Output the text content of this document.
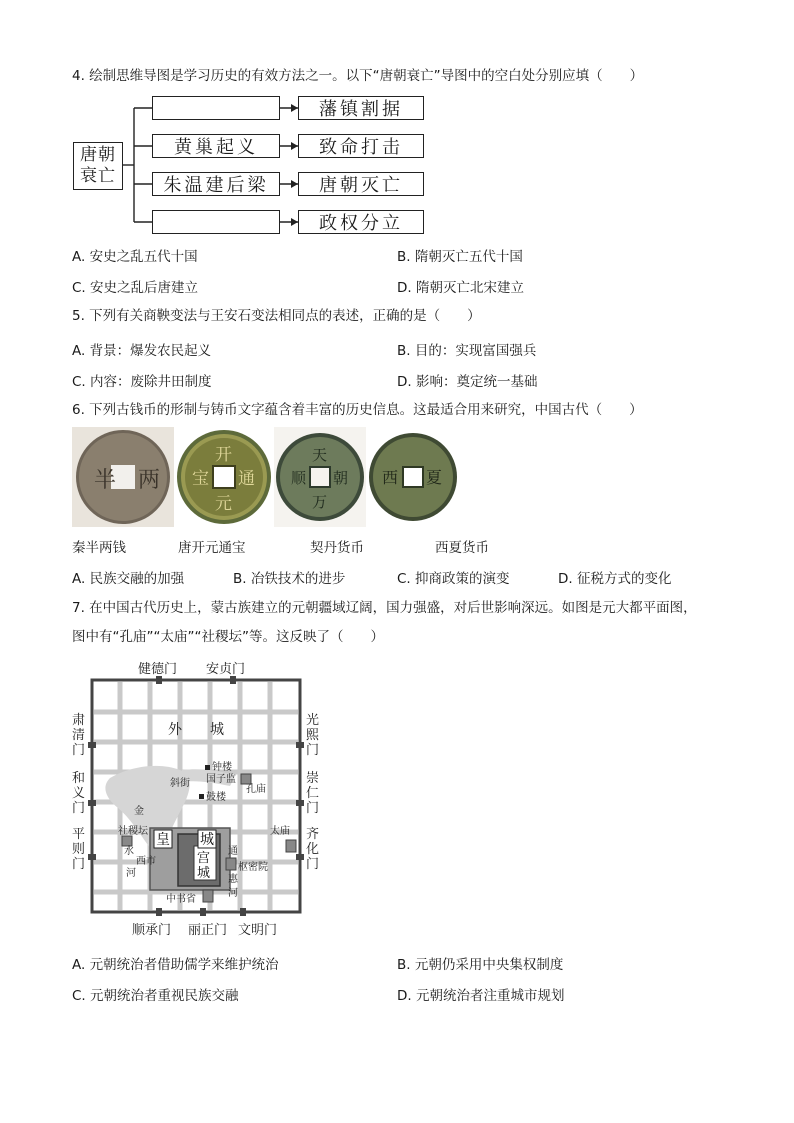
4. 绘制思维导图是学习历史的有效方法之一。以下“唐朝衰亡”导图中的空白处分别应填（　　）
唐朝
衰亡
黄巢起义
朱温建后梁
藩镇割据
致命打击
唐朝灭亡
政权分立
A. 安史之乱五代十国	B. 隋朝灭亡五代十国
C. 安史之乱后唐建立	D. 隋朝灭亡北宋建立
5. 下列有关商鞅变法与王安石变法相同点的表述，正确的是（　　）
A. 背景：爆发农民起义	B. 目的：实现富国强兵
C. 内容：废除井田制度	D. 影响：奠定统一基础
6. 下列古钱币的形制与铸币文字蕴含着丰富的历史信息。这最适合用来研究，中国古代（　　）
半 两
开
通
元
宝
天
朝
万
顺	西 夏
秦半两钱	唐开元通宝	契丹货币	西夏货币
A. 民族交融的加强	B. 冶铁技术的进步	C. 抑商政策的演变	D. 征税方式的变化
7. 在中国古代历史上，蒙古族建立的元朝疆域辽阔，国力强盛，对后世影响深远。如图是元大都平面图，
图中有“孔庙”“太庙”“社稷坛”等。这反映了（　　）
健德门 安贞门
顺承门 丽正门 文明门
肃清门
和义门
平则门
光熙门
崇仁门
齐化门
外 城
钟楼
国子监
孔庙
鼓楼
斜街
金
社稷坛
水
西市
河
皇 城
宫
城
通
惠
河
枢密院
太庙
中书省
A. 元朝统治者借助儒学来维护统治	B. 元朝仍采用中央集权制度
C. 元朝统治者重视民族交融	D. 元朝统治者注重城市规划
